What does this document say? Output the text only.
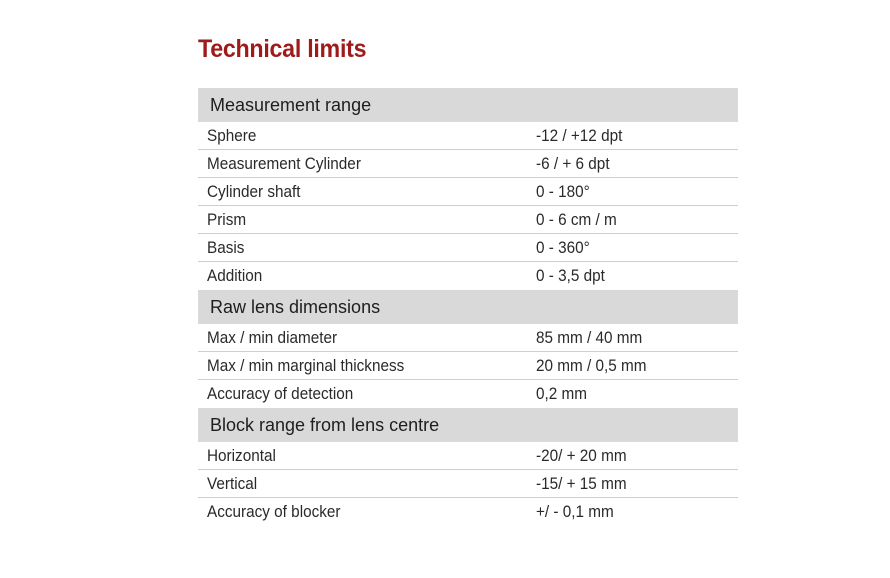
Technical limits
Measurement range
Sphere	-12 / +12 dpt
Measurement Cylinder	-6 / + 6 dpt
Cylinder shaft	0 - 180°
Prism	0 - 6 cm / m
Basis	0 - 360°
Addition	0 - 3,5 dpt
Raw lens dimensions
Max / min diameter	85 mm / 40 mm
Max / min marginal thickness	20 mm / 0,5 mm
Accuracy of detection	0,2 mm
Block range from lens centre
Horizontal	-20/ + 20 mm
Vertical	-15/ + 15 mm
Accuracy of blocker	+/ - 0,1 mm
